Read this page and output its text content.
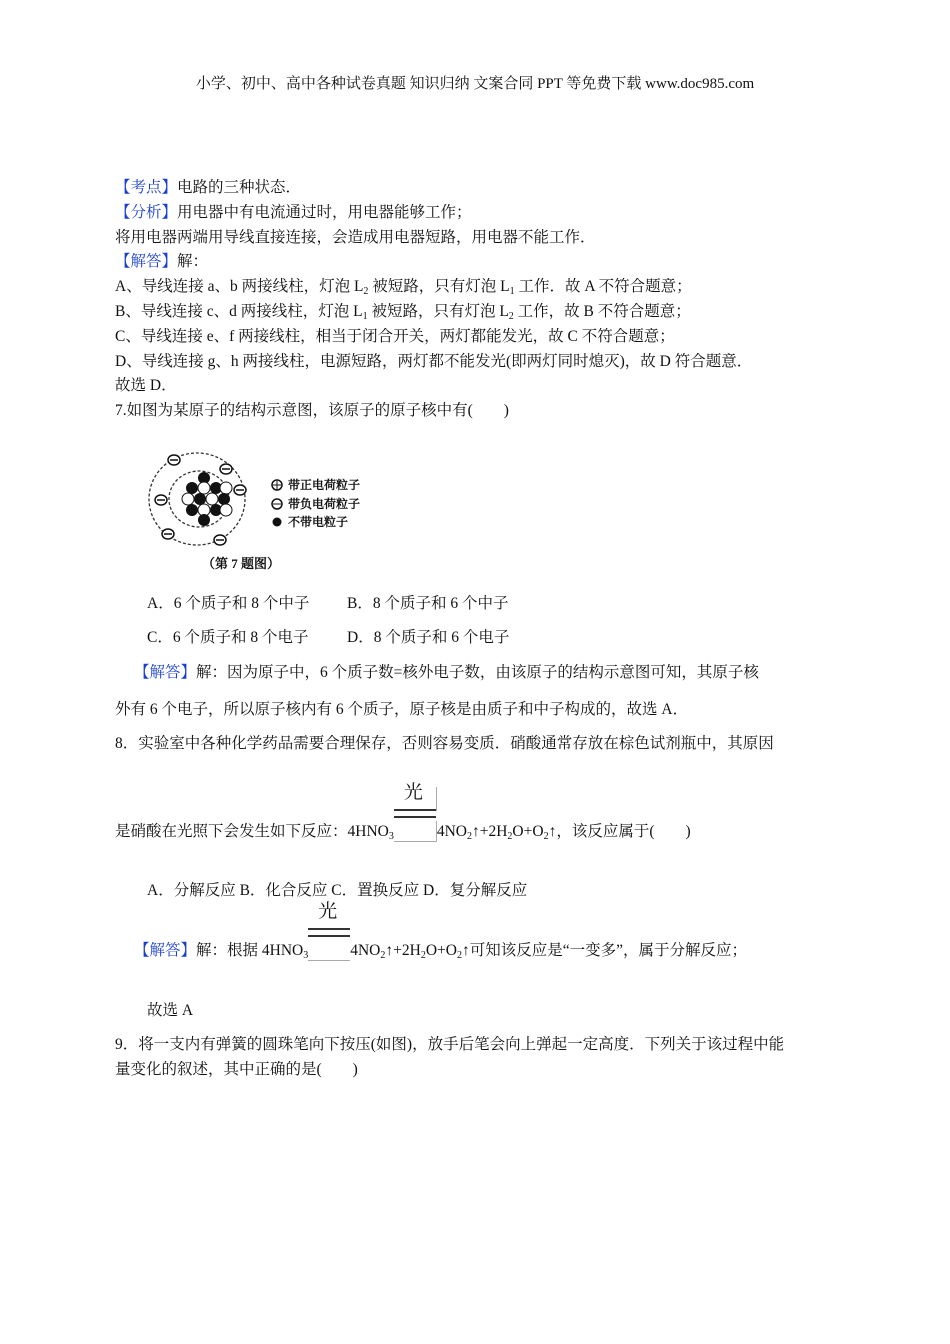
小学、初中、高中各种试卷真题 知识归纳 文案合同 PPT 等免费下载 www.doc985.com
【考点】电路的三种状态．
【分析】用电器中有电流通过时，用电器能够工作；
将用电器两端用导线直接连接，会造成用电器短路，用电器不能工作．
【解答】解：
A、导线连接 a、b 两接线柱，灯泡 $L_2$ 被短路，只有灯泡 $L_1$ 工作．故 A 不符合题意；
B、导线连接 c、d 两接线柱，灯泡 $L_1$ 被短路，只有灯泡 $L_2$ 工作，故 B 不符合题意；
C、导线连接 e、f 两接线柱，相当于闭合开关，两灯都能发光，故 C 不符合题意；
D、导线连接 g、h 两接线柱，电源短路，两灯都不能发光(即两灯同时熄灭)，故 D 符合题意．
故选 D．
7.如图为某原子的结构示意图，该原子的原子核中有(　　)
带正电荷粒子
带负电荷粒子
不带电粒子
（第 7 题图）
A．6 个质子和 8 个中子 B．8 个质子和 6 个中子
C．6 个质子和 8 个电子 D．8 个质子和 6 个电子
【解答】解：因为原子中，6 个质子数=核外电子数，由该原子的结构示意图可知，其原子核
外有 6 个电子，所以原子核内有 6 个质子，原子核是由质子和中子构成的，故选 A．
8．实验室中各种化学药品需要合理保存，否则容易变质．硝酸通常存放在棕色试剂瓶中，其原因
是硝酸在光照下会发生如下反应：$4HNO_3$
光
$4NO_2↑+2H_2O+O_2↑$，该反应属于(　　)
A．分解反应 B．化合反应 C．置换反应 D．复分解反应
【解答】解：根据 $4HNO_3$
光
$4NO_2↑+2H_2O+O_2↑$可知该反应是“一变多”，属于分解反应；
故选 A
9．将一支内有弹簧的圆珠笔向下按压(如图)，放手后笔会向上弹起一定高度．下列关于该过程中能
量变化的叙述，其中正确的是(　　)
